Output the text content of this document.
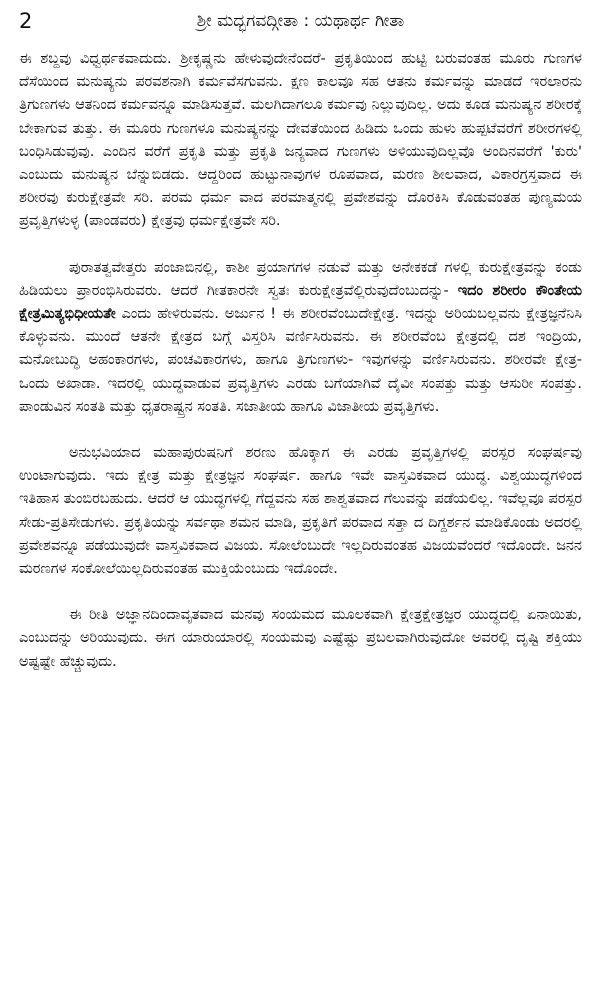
2	ಶ್ರೀ ಮದ್ಭಗವದ್ಗೀತಾ : ಯಥಾರ್ಥ ಗೀತಾ

ಈ ಶಬ್ದವು ವಿಧ್ವರ್ಥಕವಾದುದು. ಶ್ರೀಕೃಷ್ಣನು ಹೇಳುವುದೇನೆಂದರೆ- ಪ್ರಕೃತಿಯಿಂದ ಹುಟ್ಟಿ ಬರುವಂತಹ ಮೂರು ಗುಣಗಳ ದೆಸೆಯಿಂದ ಮನುಷ್ಯನು ಪರವಶನಾಗಿ ಕರ್ಮವೆಸಗುವನು. ಕ್ಷಣ ಕಾಲವೂ ಸಹ ಆತನು ಕರ್ಮವನ್ನು ಮಾಡದೆ ಇರಲಾರನು ತ್ರಿಗುಣಗಳು ಆತನಿಂದ ಕರ್ಮವನ್ನೂ ಮಾಡಿಸುತ್ತವೆ. ಮಲಗಿದಾಗಲೂ ಕರ್ಮವು ನಿಲ್ಲುವುದಿಲ್ಲ. ಅದು ಕೂಡ ಮನುಷ್ಯನ ಶರೀರಕ್ಕೆ ಬೇಕಾಗುವ ತುತ್ತು. ಈ ಮೂರು ಗುಣಗಳೂ ಮನುಷ್ಯನನ್ನು ದೇವತೆಯಿಂದ ಹಿಡಿದು ಒಂದು ಹುಳು ಹುಪ್ಪಟೆವರೆಗೆ ಶರೀರಗಳಲ್ಲಿ ಬಂಧಿಸಿಡುವುವು. ಎಂದಿನ ವರೆಗೆ ಪ್ರಕೃತಿ ಮತ್ತು ಪ್ರಕೃತಿ ಜನ್ಯವಾದ ಗುಣಗಳು ಅಳಿಯುವುದಿಲ್ಲವೊ ಅಂದಿನವರೆಗೆ 'ಕುರು' ಎಂಬುದು ಮನುಷ್ಯನ ಬೆನ್ನುಬಿಡದು. ಆದ್ದರಿಂದ ಹುಟ್ಟುನಾವುಗಳ ರೂಪವಾದ, ಮರಣ ಶೀಲವಾದ, ವಿಕಾರಗ್ರಸ್ತವಾದ ಈ ಶರೀರವು ಕುರುಕ್ಷೇತ್ರವೇ ಸರಿ. ಪರಮ ಧರ್ಮ ವಾದ ಪರಮಾತ್ಮನಲ್ಲಿ ಪ್ರವೇಶವನ್ನು ದೊರಕಿಸಿ ಕೊಡುವಂತಹ ಪುಣ್ಯಮಯ ಪ್ರವೃತ್ತಿಗಳುಳ್ಳ (ಪಾಂಡವರು) ಕ್ಷೇತ್ರವು ಧರ್ಮಕ್ಷೇತ್ರವೇ ಸರಿ.

ಪುರಾತತ್ವವೇತ್ತರು ಪಂಜಾಬಿನಲ್ಲಿ, ಕಾಶೀ ಪ್ರಯಾಗಗಳ ನಡುವೆ ಮತ್ತು ಅನೇಕಕಡೆ ಗಳಲ್ಲಿ ಕುರುಕ್ಷೇತ್ರವನ್ನು ಕಂಡು ಹಿಡಿಯಲು ಪ್ರಾರಂಭಿಸಿರುವರು. ಆದರೆ ಗೀತಕಾರನೇ ಸ್ವತಃ ಕುರುಕ್ಷೇತ್ರವೆಲ್ಲಿರುವುದೆಂಬುದನ್ನು- ಇದಂ ಶರೀರಂ ಕೌಂತೇಯ ಕ್ಷೇತ್ರಮಿತ್ಯಭಿಧೀಯತೇ ಎಂದು ಹೇಳಿರುವನು. ಅರ್ಜುನ ! ಈ ಶರೀರವೆಂಬುದೇಕ್ಷೇತ್ರ. ಇದನ್ನು ಅರಿಯಬಲ್ಲವನು ಕ್ಷೇತ್ರಜ್ಞನೆನಿಸಿ ಕೊಳ್ಳುವನು. ಮುಂದೆ ಆತನೇ ಕ್ಷೇತ್ರದ ಬಗ್ಗೆ ವಿಸ್ತರಿಸಿ ವರ್ಣಿಸಿರುವನು. ಈ ಶರೀರವೆಂಬ ಕ್ಷೇತ್ರದಲ್ಲಿ ದಶ ಇಂದ್ರಿಯ, ಮನೋಬುದ್ಧಿ ಅಹಂಕಾರಗಳು, ಪಂಚವಿಕಾರಗಳು, ಹಾಗೂ ತ್ರಿಗುಣಗಳು- ಇವುಗಳನ್ನು ವರ್ಣಿಸಿರುವನು. ಶರೀರವೇ ಕ್ಷೇತ್ರ- ಒಂದು ಅಖಾಡಾ. ಇದರಲ್ಲಿ ಯುದ್ಧವಾಡುವ ಪ್ರವೃತ್ತಿಗಳು ಎರಡು ಬಗೆಯಾಗಿವೆ ದೈವೀ ಸಂಪತ್ತು ಮತ್ತು ಆಸುರೀ ಸಂಪತ್ತು. ಪಾಂಡುವಿನ ಸಂತತಿ ಮತ್ತು ಧೃತರಾಷ್ಟ್ರನ ಸಂತತಿ. ಸಜಾತೀಯ ಹಾಗೂ ವಿಜಾತೀಯ ಪ್ರವೃತ್ತಿಗಳು.

ಅನುಭವಿಯಾದ ಮಹಾಪುರುಷನಿಗೆ ಶರಣು ಹೊಕ್ಕಾಗ ಈ ಎರಡು ಪ್ರವೃತ್ತಿಗಳಲ್ಲಿ ಪರಸ್ಪರ ಸಂಘರ್ಷವು ಉಂಟಾಗುವುದು. ಇದು ಕ್ಷೇತ್ರ ಮತ್ತು ಕ್ಷೇತ್ರಜ್ಞನ ಸಂಘರ್ಷ. ಹಾಗೂ ಇವೇ ವಾಸ್ತವಿಕವಾದ ಯುದ್ಧ. ವಿಶ್ವಯುದ್ಧಗಳಿಂದ ಇತಿಹಾಸ ತುಂಬಿರಬಹುದು. ಆದರೆ ಆ ಯುದ್ಧಗಳಲ್ಲಿ ಗೆದ್ದವನು ಸಹ ಶಾಶ್ವತವಾದ ಗೆಲುವನ್ನು ಪಡೆಯಲಿಲ್ಲ. ಇವೆಲ್ಲವೂ ಪರಸ್ಪರ ಸೇಡು-ಪ್ರತಿಸೇಡುಗಳು. ಪ್ರಕೃತಿಯನ್ನು ಸರ್ವಥಾ ಶಮನ ಮಾಡಿ, ಪ್ರಕೃತಿಗೆ ಪರವಾದ ಸತ್ತಾ ದ ದಿಗ್ದರ್ಶನ ಮಾಡಿಕೊಂಡು ಅದರಲ್ಲಿ ಪ್ರವೇಶವನ್ನೂ ಪಡೆಯುವುದೇ ವಾಸ್ತವಿಕವಾದ ವಿಜಯ. ಸೋಲೆಂಬುದೇ ಇಲ್ಲದಿರುವಂತಹ ವಿಜಯವೆಂದರೆ ಇದೊಂದೇ. ಜನನ ಮರಣಗಳ ಸಂಕೋಲೆಯಿಲ್ಲದಿರುವಂತಹ ಮುಕ್ತಿಯೆಂಬುದು ಇದೊಂದೇ.

ಈ ರೀತಿ ಅಜ್ಞಾನದಿಂದಾವೃತವಾದ ಮನವು ಸಂಯಮದ ಮೂಲಕವಾಗಿ ಕ್ಷೇತ್ರಕ್ಷೇತ್ರಜ್ಞರ ಯುದ್ಧದಲ್ಲಿ ಏನಾಯಿತು, ಎಂಬುದನ್ನು ಅರಿಯುವುದು. ಈಗ ಯಾರುಯಾರಲ್ಲಿ ಸಂಯಮವು ಎಷ್ಟೆಷ್ಟು ಪ್ರಬಲವಾಗಿರುವುದೋ ಅವರಲ್ಲಿ ದೃಷ್ಟಿ ಶಕ್ತಿಯು ಅಷ್ಟಷ್ಟೇ ಹೆಚ್ಚುವುದು.
